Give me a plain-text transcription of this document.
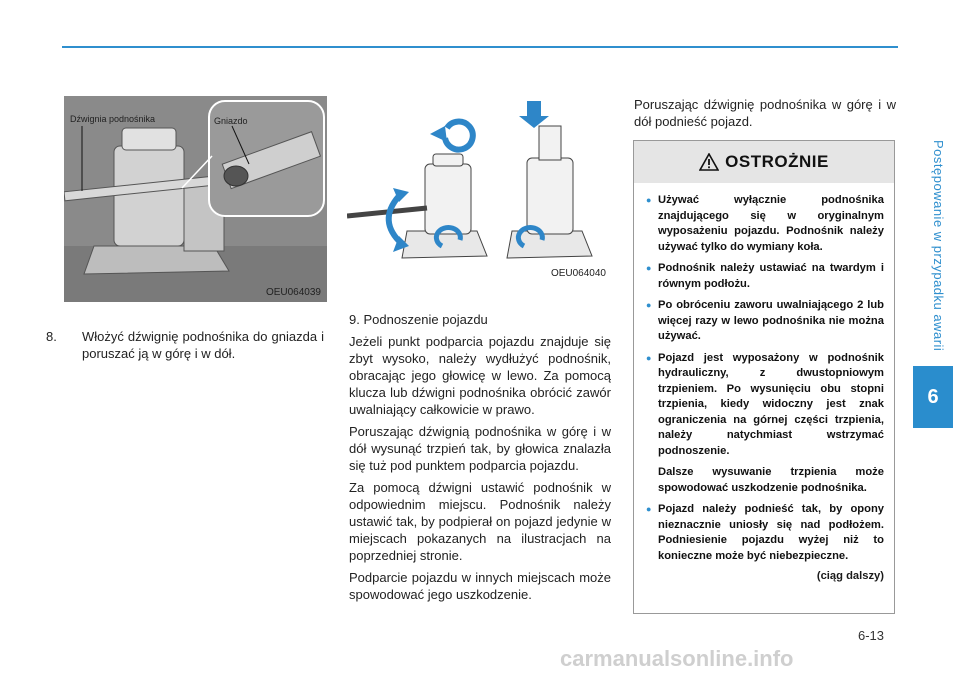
Postępowanie w przypadku awarii
6
Dźwignia podnośnika	Gniazdo
OEU064039
OEU064040

8. Włożyć dźwignię podnośnika do gniazda i poruszać ją w górę i w dół.

9. Podnoszenie pojazdu

Jeżeli punkt podparcia pojazdu znajduje się zbyt wysoko, należy wydłużyć podnośnik, obracając jego głowicę w lewo. Za pomocą klucza lub dźwigni podnośnika obrócić zawór uwalniający całkowicie w prawo.

Poruszając dźwignią podnośnika w górę i w dół wysunąć trzpień tak, by głowica znalazła się tuż pod punktem podparcia pojazdu.

Za pomocą dźwigni ustawić podnośnik w odpowiednim miejscu. Podnośnik należy ustawić tak, by podpierał on pojazd jedynie w miejscach pokazanych na ilustracjach na poprzedniej stronie.

Podparcie pojazdu w innych miejscach może spowodować jego uszkodzenie.

Poruszając dźwignię podnośnika w górę i w dół podnieść pojazd.

OSTROŻNIE
● Używać wyłącznie podnośnika znajdującego się w oryginalnym wyposażeniu pojazdu. Podnośnik należy używać tylko do wymiany koła.
● Podnośnik należy ustawiać na twardym i równym podłożu.
● Po obróceniu zaworu uwalniającego 2 lub więcej razy w lewo podnośnika nie można używać.
● Pojazd jest wyposażony w podnośnik hydrauliczny, z dwustopniowym trzpieniem. Po wysunięciu obu stopni trzpienia, kiedy widoczny jest znak ograniczenia na górnej części trzpienia, należy natychmiast wstrzymać podnoszenie.
Dalsze wysuwanie trzpienia może spowodować uszkodzenie podnośnika.
● Pojazd należy podnieść tak, by opony nieznacznie uniosły się nad podłożem. Podniesienie pojazdu wyżej niż to konieczne może być niebezpieczne.
(ciąg dalszy)
6-13
carmanualsonline.info
